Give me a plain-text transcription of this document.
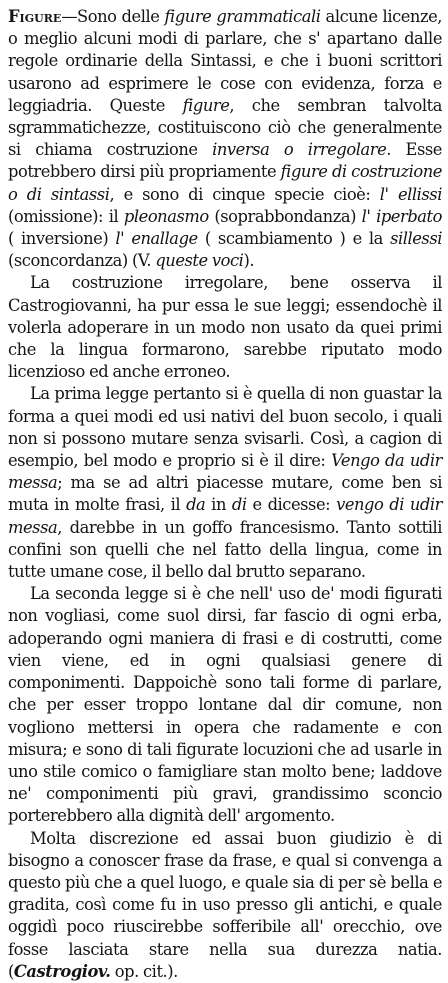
Figure—Sono delle figure grammaticali alcune licenze, o meglio alcuni modi di parlare, che s' apartano dalle regole ordinarie della Sintassi, e che i buoni scrittori usarono ad esprimere le cose con evidenza, forza e leggiadria. Queste figure, che sembran talvolta sgrammatichezze, costituiscono ciò che generalmente si chiama costruzione inversa o irregolare. Esse potrebbero dirsi più propriamente figure di costruzione o di sintassi, e sono di cinque specie cioè: l' ellissi (omissione): il pleonasmo (soprabbondanza) l' iperbato ( inversione) l' enallage ( scambiamento ) e la sillessi (sconcordanza) (V. queste voci).

La costruzione irregolare, bene osserva il Castrogiovanni, ha pur essa le sue leggi; essendochè il volerla adoperare in un modo non usato da quei primi che la lingua formarono, sarebbe riputato modo licenzioso ed anche erroneo.

La prima legge pertanto si è quella di non guastar la forma a quei modi ed usi nativi del buon secolo, i quali non si possono mutare senza svisarli. Così, a cagion di esempio, bel modo e proprio si è il dire: Vengo da udir messa; ma se ad altri piacesse mutare, come ben si muta in molte frasi, il da in di e dicesse: vengo di udir messa, darebbe in un goffo francesismo. Tanto sottili confini son quelli che nel fatto della lingua, come in tutte umane cose, il bello dal brutto separano.

La seconda legge si è che nell' uso de' modi figurati non vogliasi, come suol dirsi, far fascio di ogni erba, adoperando ogni maniera di frasi e di costrutti, come vien viene, ed in ogni qualsiasi genere di componimenti. Dappoichè sono tali forme di parlare, che per esser troppo lontane dal dir comune, non vogliono mettersi in opera che radamente e con misura; e sono di tali figurate locuzioni che ad usarle in uno stile comico o famigliare stan molto bene; laddove ne' componimenti più gravi, grandissimo sconcio porterebbero alla dignità dell' argomento.

Molta discrezione ed assai buon giudizio è di bisogno a conoscer frase da frase, e qual si convenga a questo più che a quel luogo, e quale sia di per sè bella e gradita, così come fu in uso presso gli antichi, e quale oggidì poco riuscirebbe sofferibile all' orecchio, ove fosse lasciata stare nella sua durezza natia. (Castrogiov. op. cit.).
